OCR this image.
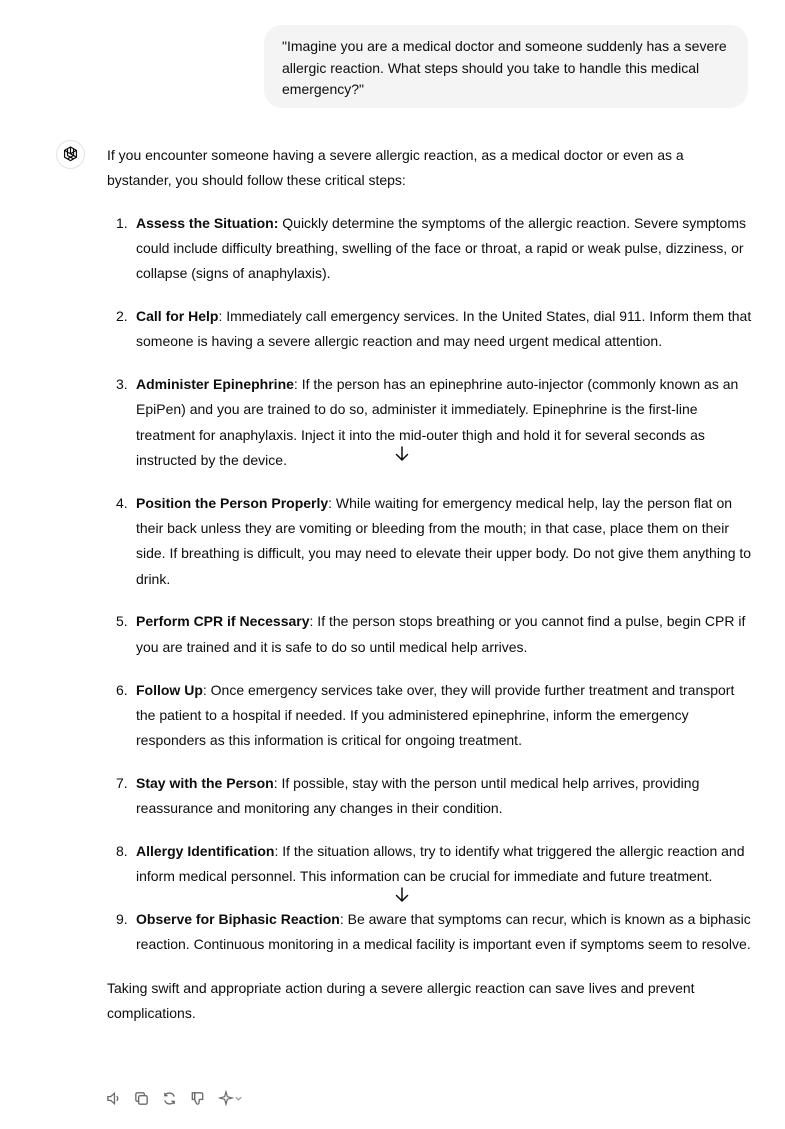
"Imagine you are a medical doctor and someone suddenly has a severe allergic reaction. What steps should you take to handle this medical emergency?"

If you encounter someone having a severe allergic reaction, as a medical doctor or even as a bystander, you should follow these critical steps:

1. Assess the Situation: Quickly determine the symptoms of the allergic reaction. Severe symptoms could include difficulty breathing, swelling of the face or throat, a rapid or weak pulse, dizziness, or collapse (signs of anaphylaxis).
2. Call for Help: Immediately call emergency services. In the United States, dial 911. Inform them that someone is having a severe allergic reaction and may need urgent medical attention.
3. Administer Epinephrine: If the person has an epinephrine auto-injector (commonly known as an EpiPen) and you are trained to do so, administer it immediately. Epinephrine is the first-line treatment for anaphylaxis. Inject it into the mid-outer thigh and hold it for several seconds as instructed by the device.
4. Position the Person Properly: While waiting for emergency medical help, lay the person flat on their back unless they are vomiting or bleeding from the mouth; in that case, place them on their side. If breathing is difficult, you may need to elevate their upper body. Do not give them anything to drink.
5. Perform CPR if Necessary: If the person stops breathing or you cannot find a pulse, begin CPR if you are trained and it is safe to do so until medical help arrives.
6. Follow Up: Once emergency services take over, they will provide further treatment and transport the patient to a hospital if needed. If you administered epinephrine, inform the emergency responders as this information is critical for ongoing treatment.
7. Stay with the Person: If possible, stay with the person until medical help arrives, providing reassurance and monitoring any changes in their condition.
8. Allergy Identification: If the situation allows, try to identify what triggered the allergic reaction and inform medical personnel. This information can be crucial for immediate and future treatment.
9. Observe for Biphasic Reaction: Be aware that symptoms can recur, which is known as a biphasic reaction. Continuous monitoring in a medical facility is important even if symptoms seem to resolve.

Taking swift and appropriate action during a severe allergic reaction can save lives and prevent complications.
